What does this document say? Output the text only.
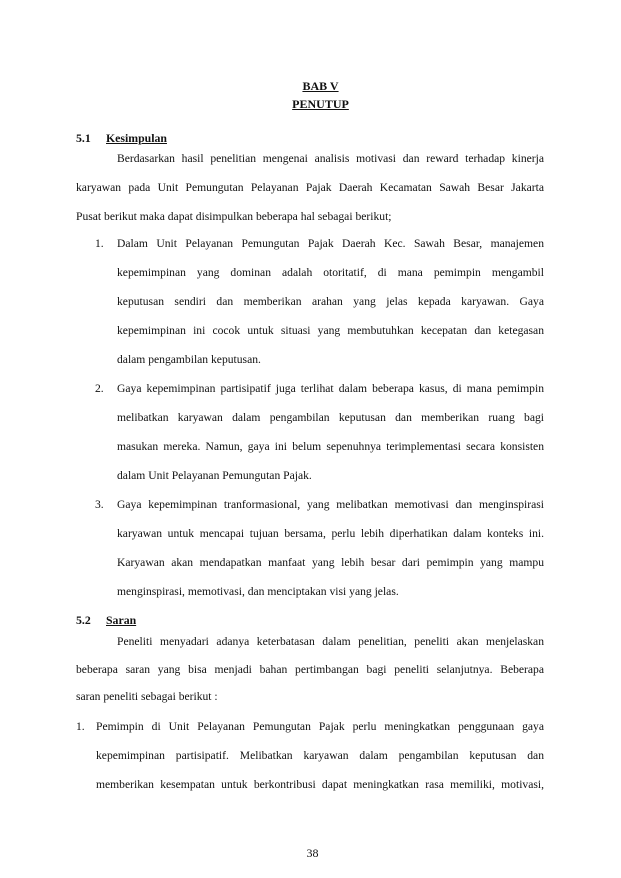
BAB V
PENUTUP
5.1 Kesimpulan
Berdasarkan hasil penelitian mengenai analisis motivasi dan reward terhadap kinerja
karyawan pada Unit Pemungutan Pelayanan Pajak Daerah Kecamatan Sawah Besar Jakarta
Pusat berikut maka dapat disimpulkan beberapa hal sebagai berikut;
1. Dalam Unit Pelayanan Pemungutan Pajak Daerah Kec. Sawah Besar, manajemen
kepemimpinan yang dominan adalah otoritatif, di mana pemimpin mengambil
keputusan sendiri dan memberikan arahan yang jelas kepada karyawan. Gaya
kepemimpinan ini cocok untuk situasi yang membutuhkan kecepatan dan ketegasan
dalam pengambilan keputusan.
2. Gaya kepemimpinan partisipatif juga terlihat dalam beberapa kasus, di mana pemimpin
melibatkan karyawan dalam pengambilan keputusan dan memberikan ruang bagi
masukan mereka. Namun, gaya ini belum sepenuhnya terimplementasi secara konsisten
dalam Unit Pelayanan Pemungutan Pajak.
3. Gaya kepemimpinan tranformasional, yang melibatkan memotivasi dan menginspirasi
karyawan untuk mencapai tujuan bersama, perlu lebih diperhatikan dalam konteks ini.
Karyawan akan mendapatkan manfaat yang lebih besar dari pemimpin yang mampu
menginspirasi, memotivasi, dan menciptakan visi yang jelas.
5.2 Saran
Peneliti menyadari adanya keterbatasan dalam penelitian, peneliti akan menjelaskan
beberapa saran yang bisa menjadi bahan pertimbangan bagi peneliti selanjutnya. Beberapa
saran peneliti sebagai berikut :
1. Pemimpin di Unit Pelayanan Pemungutan Pajak perlu meningkatkan penggunaan gaya
kepemimpinan partisipatif. Melibatkan karyawan dalam pengambilan keputusan dan
memberikan kesempatan untuk berkontribusi dapat meningkatkan rasa memiliki, motivasi,
38
